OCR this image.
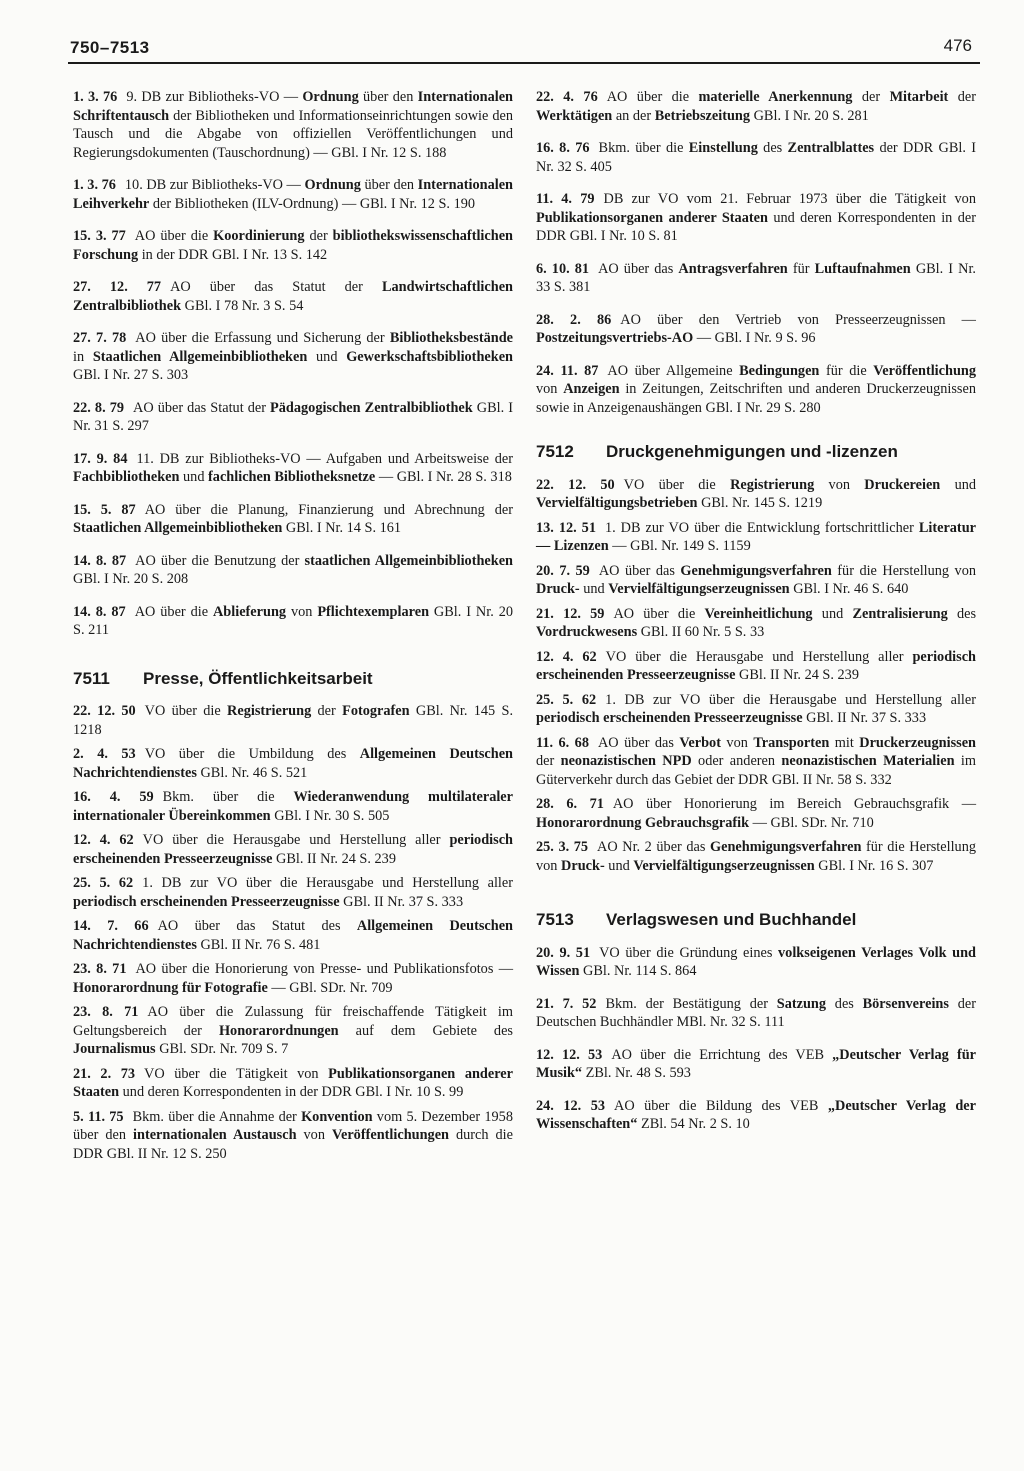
750–7513	476
1. 3. 76 9. DB zur Bibliotheks-VO — Ordnung über den Internationalen Schriftentausch der Bibliotheken und Informationseinrichtungen sowie den Tausch und die Abgabe von offiziellen Veröffentlichungen und Regierungsdokumenten (Tauschordnung) — GBl. I Nr. 12 S. 188
1. 3. 76 10. DB zur Bibliotheks-VO — Ordnung über den Internationalen Leihverkehr der Bibliotheken (ILV-Ordnung) — GBl. I Nr. 12 S. 190
15. 3. 77 AO über die Koordinierung der bibliothekswissenschaftlichen Forschung in der DDR GBl. I Nr. 13 S. 142
27. 12. 77 AO über das Statut der Landwirtschaftlichen Zentralbibliothek GBl. I 78 Nr. 3 S. 54
27. 7. 78 AO über die Erfassung und Sicherung der Bibliotheksbestände in Staatlichen Allgemeinbibliotheken und Gewerkschaftsbibliotheken GBl. I Nr. 27 S. 303
22. 8. 79 AO über das Statut der Pädagogischen Zentralbibliothek GBl. I Nr. 31 S. 297
17. 9. 84 11. DB zur Bibliotheks-VO — Aufgaben und Arbeitsweise der Fachbibliotheken und fachlichen Bibliotheksnetze — GBl. I Nr. 28 S. 318
15. 5. 87 AO über die Planung, Finanzierung und Abrechnung der Staatlichen Allgemeinbibliotheken GBl. I Nr. 14 S. 161
14. 8. 87 AO über die Benutzung der staatlichen Allgemeinbibliotheken GBl. I Nr. 20 S. 208
14. 8. 87 AO über die Ablieferung von Pflichtexemplaren GBl. I Nr. 20 S. 211
7511	Presse, Öffentlichkeitsarbeit
22. 12. 50 VO über die Registrierung der Fotografen GBl. Nr. 145 S. 1218
2. 4. 53 VO über die Umbildung des Allgemeinen Deutschen Nachrichtendienstes GBl. Nr. 46 S. 521
16. 4. 59 Bkm. über die Wiederanwendung multilateraler internationaler Übereinkommen GBl. I Nr. 30 S. 505
12. 4. 62 VO über die Herausgabe und Herstellung aller periodisch erscheinenden Presseerzeugnisse GBl. II Nr. 24 S. 239
25. 5. 62 1. DB zur VO über die Herausgabe und Herstellung aller periodisch erscheinenden Presseerzeugnisse GBl. II Nr. 37 S. 333
14. 7. 66 AO über das Statut des Allgemeinen Deutschen Nachrichtendienstes GBl. II Nr. 76 S. 481
23. 8. 71 AO über die Honorierung von Presse- und Publikationsfotos — Honorarordnung für Fotografie — GBl. SDr. Nr. 709
23. 8. 71 AO über die Zulassung für freischaffende Tätigkeit im Geltungsbereich der Honorarordnungen auf dem Gebiete des Journalismus GBl. SDr. Nr. 709 S. 7
21. 2. 73 VO über die Tätigkeit von Publikationsorganen anderer Staaten und deren Korrespondenten in der DDR GBl. I Nr. 10 S. 99
5. 11. 75 Bkm. über die Annahme der Konvention vom 5. Dezember 1958 über den internationalen Austausch von Veröffentlichungen durch die DDR GBl. II Nr. 12 S. 250
22. 4. 76 AO über die materielle Anerkennung der Mitarbeit der Werktätigen an der Betriebszeitung GBl. I Nr. 20 S. 281
16. 8. 76 Bkm. über die Einstellung des Zentralblattes der DDR GBl. I Nr. 32 S. 405
11. 4. 79 DB zur VO vom 21. Februar 1973 über die Tätigkeit von Publikationsorganen anderer Staaten und deren Korrespondenten in der DDR GBl. I Nr. 10 S. 81
6. 10. 81 AO über das Antragsverfahren für Luftaufnahmen GBl. I Nr. 33 S. 381
28. 2. 86 AO über den Vertrieb von Presseerzeugnissen — Postzeitungsvertriebs-AO — GBl. I Nr. 9 S. 96
24. 11. 87 AO über Allgemeine Bedingungen für die Veröffentlichung von Anzeigen in Zeitungen, Zeitschriften und anderen Druckerzeugnissen sowie in Anzeigenaushängen GBl. I Nr. 29 S. 280
7512	Druckgenehmigungen und -lizenzen
22. 12. 50 VO über die Registrierung von Druckereien und Vervielfältigungsbetrieben GBl. Nr. 145 S. 1219
13. 12. 51 1. DB zur VO über die Entwicklung fortschrittlicher Literatur — Lizenzen — GBl. Nr. 149 S. 1159
20. 7. 59 AO über das Genehmigungsverfahren für die Herstellung von Druck- und Vervielfältigungserzeugnissen GBl. I Nr. 46 S. 640
21. 12. 59 AO über die Vereinheitlichung und Zentralisierung des Vordruckwesens GBl. II 60 Nr. 5 S. 33
12. 4. 62 VO über die Herausgabe und Herstellung aller periodisch erscheinenden Presseerzeugnisse GBl. II Nr. 24 S. 239
25. 5. 62 1. DB zur VO über die Herausgabe und Herstellung aller periodisch erscheinenden Presseerzeugnisse GBl. II Nr. 37 S. 333
11. 6. 68 AO über das Verbot von Transporten mit Druckerzeugnissen der neonazistischen NPD oder anderen neonazistischen Materialien im Güterverkehr durch das Gebiet der DDR GBl. II Nr. 58 S. 332
28. 6. 71 AO über Honorierung im Bereich Gebrauchsgrafik — Honorarordnung Gebrauchsgrafik — GBl. SDr. Nr. 710
25. 3. 75 AO Nr. 2 über das Genehmigungsverfahren für die Herstellung von Druck- und Vervielfältigungserzeugnissen GBl. I Nr. 16 S. 307
7513	Verlagswesen und Buchhandel
20. 9. 51 VO über die Gründung eines volkseigenen Verlages Volk und Wissen GBl. Nr. 114 S. 864
21. 7. 52 Bkm. der Bestätigung der Satzung des Börsenvereins der Deutschen Buchhändler MBl. Nr. 32 S. 111
12. 12. 53 AO über die Errichtung des VEB „Deutscher Verlag für Musik“ ZBl. Nr. 48 S. 593
24. 12. 53 AO über die Bildung des VEB „Deutscher Verlag der Wissenschaften“ ZBl. 54 Nr. 2 S. 10
